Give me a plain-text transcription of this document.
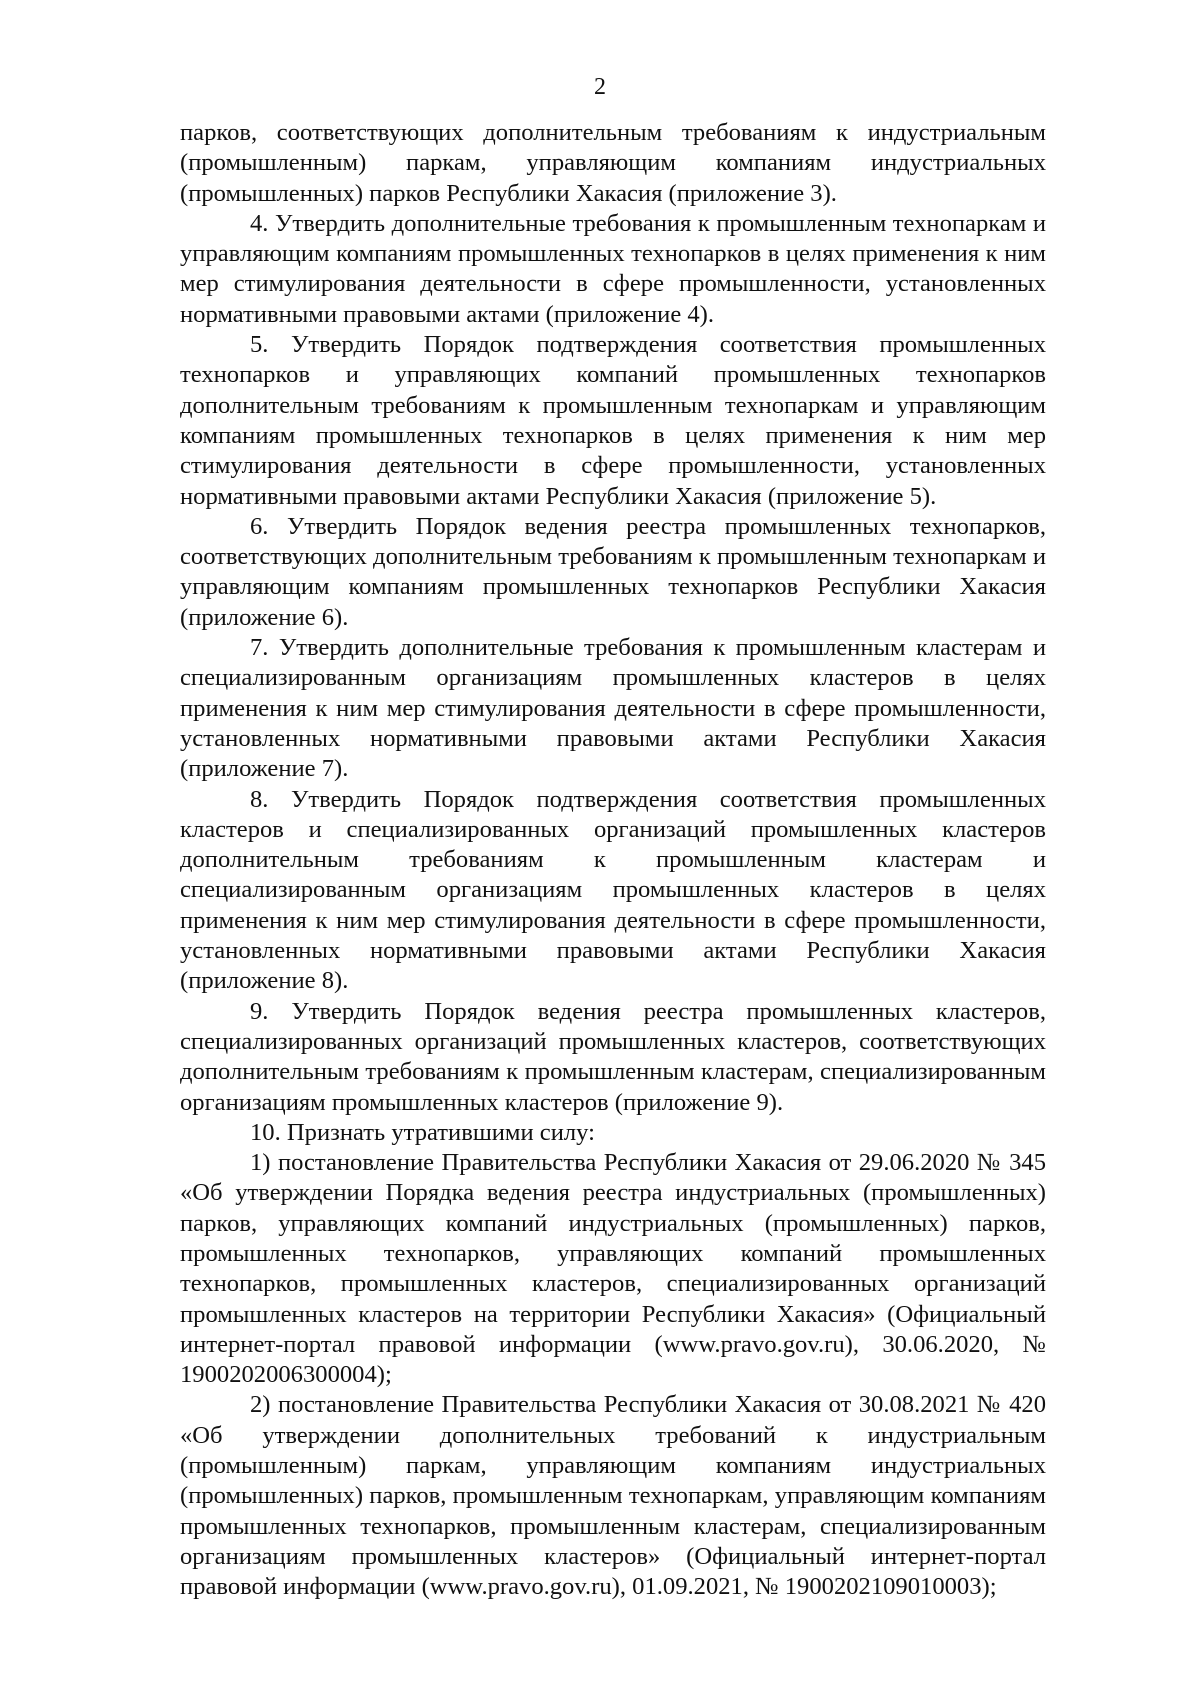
2

парков, соответствующих дополнительным требованиям к индустриальным (промышленным) паркам, управляющим компаниям индустриальных (промышленных) парков Республики Хакасия (приложение 3).

4. Утвердить дополнительные требования к промышленным технопаркам и управляющим компаниям промышленных технопарков в целях применения к ним мер стимулирования деятельности в сфере промышленности, установленных нормативными правовыми актами (приложение 4).

5. Утвердить Порядок подтверждения соответствия промышленных технопарков и управляющих компаний промышленных технопарков дополнительным требованиям к промышленным технопаркам и управляющим компаниям промышленных технопарков в целях применения к ним мер стимулирования деятельности в сфере промышленности, установленных нормативными правовыми актами Республики Хакасия (приложение 5).

6. Утвердить Порядок ведения реестра промышленных технопарков, соответствующих дополнительным требованиям к промышленным технопаркам и управляющим компаниям промышленных технопарков Республики Хакасия (приложение 6).

7. Утвердить дополнительные требования к промышленным кластерам и специализированным организациям промышленных кластеров в целях применения к ним мер стимулирования деятельности в сфере промышленности, установленных нормативными правовыми актами Республики Хакасия (приложение 7).

8. Утвердить Порядок подтверждения соответствия промышленных кластеров и специализированных организаций промышленных кластеров дополнительным требованиям к промышленным кластерам и специализированным организациям промышленных кластеров в целях применения к ним мер стимулирования деятельности в сфере промышленности, установленных нормативными правовыми актами Республики Хакасия (приложение 8).

9. Утвердить Порядок ведения реестра промышленных кластеров, специализированных организаций промышленных кластеров, соответствующих дополнительным требованиям к промышленным кластерам, специализированным организациям промышленных кластеров (приложение 9).

10. Признать утратившими силу:

1) постановление Правительства Республики Хакасия от 29.06.2020 № 345 «Об утверждении Порядка ведения реестра индустриальных (промышленных) парков, управляющих компаний индустриальных (промышленных) парков, промышленных технопарков, управляющих компаний промышленных технопарков, промышленных кластеров, специализированных организаций промышленных кластеров на территории Республики Хакасия» (Официальный интернет-портал правовой информации (www.pravo.gov.ru), 30.06.2020, № 1900202006300004);

2) постановление Правительства Республики Хакасия от 30.08.2021 № 420 «Об утверждении дополнительных требований к индустриальным (промышленным) паркам, управляющим компаниям индустриальных (промышленных) парков, промышленным технопаркам, управляющим компаниям промышленных технопарков, промышленным кластерам, специализированным организациям промышленных кластеров» (Официальный интернет-портал правовой информации (www.pravo.gov.ru), 01.09.2021, № 1900202109010003);
